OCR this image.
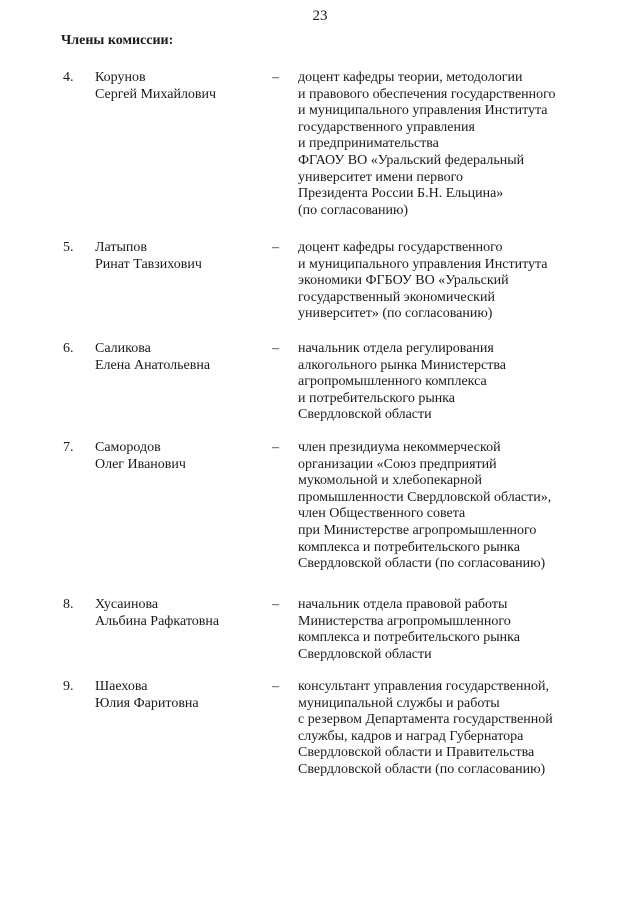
23
Члены комиссии:
4. Корунов
Сергей Михайлович
– доцент кафедры теории, методологии
и правового обеспечения государственного
и муниципального управления Института
государственного управления
и предпринимательства
ФГАОУ ВО «Уральский федеральный
университет имени первого
Президента России Б.Н. Ельцина»
(по согласованию)
5. Латыпов
Ринат Тавзихович
– доцент кафедры государственного
и муниципального управления Института
экономики ФГБОУ ВО «Уральский
государственный экономический
университет» (по согласованию)
6. Саликова
Елена Анатольевна
– начальник отдела регулирования
алкогольного рынка Министерства
агропромышленного комплекса
и потребительского рынка
Свердловской области
7. Самородов
Олег Иванович
– член президиума некоммерческой
организации «Союз предприятий
мукомольной и хлебопекарной
промышленности Свердловской области»,
член Общественного совета
при Министерстве агропромышленного
комплекса и потребительского рынка
Свердловской области (по согласованию)
8. Хусаинова
Альбина Рафкатовна
– начальник отдела правовой работы
Министерства агропромышленного
комплекса и потребительского рынка
Свердловской области
9. Шаехова
Юлия Фаритовна
– консультант управления государственной,
муниципальной службы и работы
с резервом Департамента государственной
службы, кадров и наград Губернатора
Свердловской области и Правительства
Свердловской области (по согласованию)
